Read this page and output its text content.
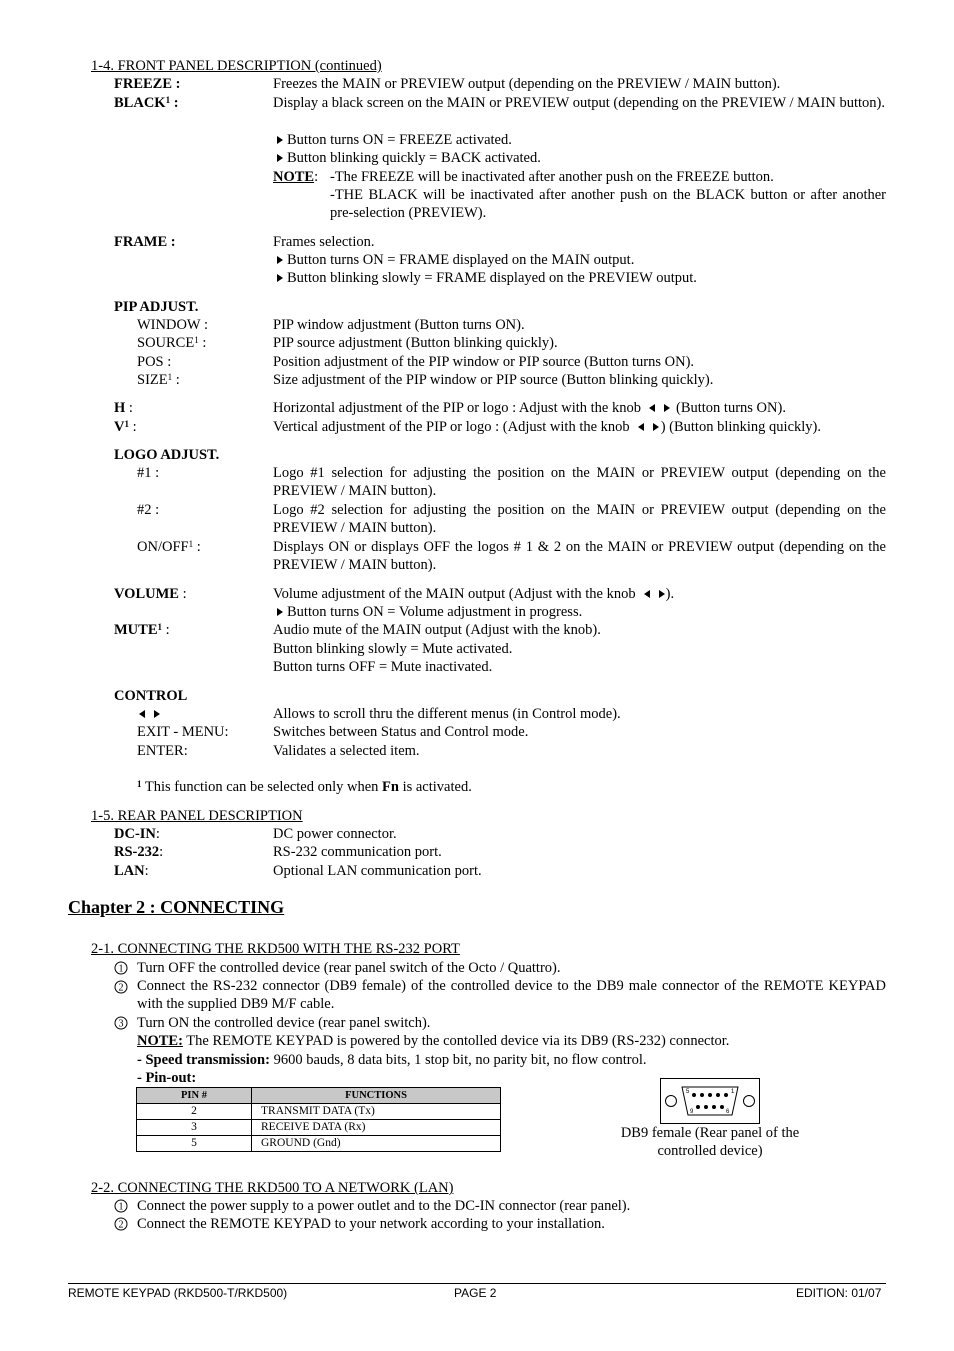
1-4. FRONT PANEL DESCRIPTION (continued)
FREEZE :	Freezes the MAIN or PREVIEW output (depending on the PREVIEW / MAIN button).
BLACK$^1$ :	Display a black screen on the MAIN or PREVIEW output (depending on the PREVIEW / MAIN button).
Button turns ON = FREEZE activated.
Button blinking quickly = BACK activated.
NOTE: -The FREEZE will be inactivated after another push on the FREEZE button.
-THE BLACK will be inactivated after another push on the BLACK button or after another pre-selection (PREVIEW).
FRAME :	Frames selection.
Button turns ON = FRAME displayed on the MAIN output.
Button blinking slowly = FRAME displayed on the PREVIEW output.
PIP ADJUST.
WINDOW :	PIP window adjustment (Button turns ON).
SOURCE$^1$ :	PIP source adjustment (Button blinking quickly).
POS :	Position adjustment of the PIP window or PIP source (Button turns ON).
SIZE$^1$ :	Size adjustment of the PIP window or PIP source (Button blinking quickly).
H :	Horizontal adjustment of the PIP or logo : Adjust with the knob (Button turns ON).
$V^1$ :	Vertical adjustment of the PIP or logo : (Adjust with the knob ) (Button blinking quickly).
LOGO ADJUST.
#1 :	Logo #1 selection for adjusting the position on the MAIN or PREVIEW output (depending on the PREVIEW / MAIN button).
#2 :	Logo #2 selection for adjusting the position on the MAIN or PREVIEW output (depending on the PREVIEW / MAIN button).
ON/OFF$^1$ :	Displays ON or displays OFF the logos # 1 & 2 on the MAIN or PREVIEW output (depending on the PREVIEW / MAIN button).
VOLUME :	Volume adjustment of the MAIN output (Adjust with the knob ).
Button turns ON = Volume adjustment in progress.
MUTE$^1$ :	Audio mute of the MAIN output (Adjust with the knob).
Button blinking slowly = Mute activated.
Button turns OFF = Mute inactivated.
CONTROL
Allows to scroll thru the different menus (in Control mode).
EXIT - MENU:	Switches between Status and Control mode.
ENTER:	Validates a selected item.
$^1$ This function can be selected only when Fn is activated.
1-5. REAR PANEL DESCRIPTION
DC-IN:	DC power connector.
RS-232:	RS-232 communication port.
LAN:	Optional LAN communication port.
Chapter 2 : CONNECTING
2-1. CONNECTING THE RKD500 WITH THE RS-232 PORT
1 Turn OFF the controlled device (rear panel switch of the Octo / Quattro).
2 Connect the RS-232 connector (DB9 female) of the controlled device to the DB9 male connector of the REMOTE KEYPAD with the supplied DB9 M/F cable.
3 Turn ON the controlled device (rear panel switch).
NOTE: The REMOTE KEYPAD is powered by the contolled device via its DB9 (RS-232) connector.
- Speed transmission: 9600 bauds, 8 data bits, 1 stop bit, no parity bit, no flow control.
- Pin-out:
PIN #	FUNCTIONS
2	TRANSMIT DATA (Tx)
3	RECEIVE DATA (Rx)
5	GROUND (Gnd)
5	1
9	6
DB9 female (Rear panel of the controlled device)
2-2. CONNECTING THE RKD500 TO A NETWORK (LAN)
1 Connect the power supply to a power outlet and to the DC-IN connector (rear panel).
2 Connect the REMOTE KEYPAD to your network according to your installation.
REMOTE KEYPAD (RKD500-T/RKD500)	PAGE 2	EDITION: 01/07
